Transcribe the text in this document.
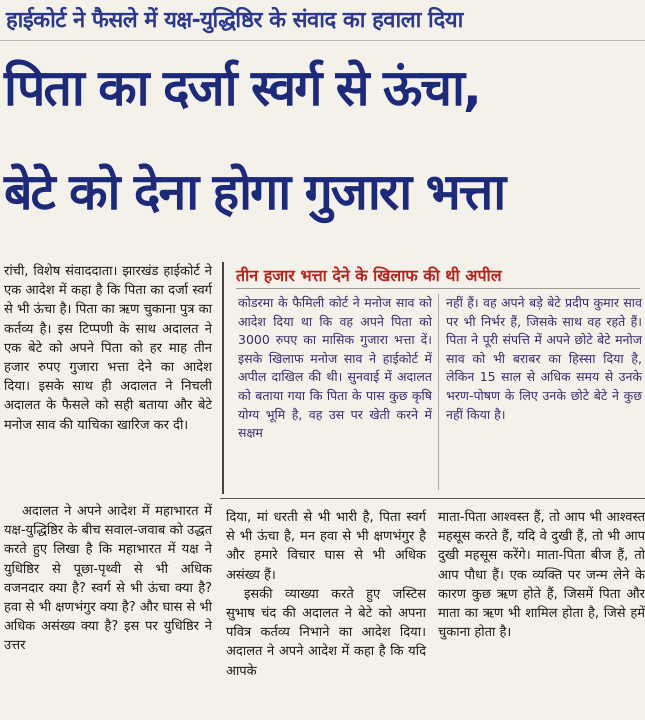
हाईकोर्ट ने फैसले में यक्ष-युद्धिष्ठिर के संवाद का हवाला दिया
पिता का दर्जा स्वर्ग से ऊंचा,
बेटे को देना होगा गुजारा भत्ता

रांची, विशेष संवाददाता। झारखंड हाईकोर्ट ने एक आदेश में कहा है कि पिता का दर्जा स्वर्ग से भी ऊंचा है। पिता का ऋण चुकाना पुत्र का कर्तव्य है। इस टिप्पणी के साथ अदालत ने एक बेटे को अपने पिता को हर माह तीन हजार रुपए गुजारा भत्ता देने का आदेश दिया। इसके साथ ही अदालत ने निचली अदालत के फैसले को सही बताया और बेटे मनोज साव की याचिका खारिज कर दी।

तीन हजार भत्ता देने के खिलाफ की थी अपील
कोडरमा के फैमिली कोर्ट ने मनोज साव को आदेश दिया था कि वह अपने पिता को 3000 रुपए का मासिक गुजारा भत्ता दें। इसके खिलाफ मनोज साव ने हाईकोर्ट में अपील दाखिल की थी। सुनवाई में अदालत को बताया गया कि पिता के पास कुछ कृषि योग्य भूमि है, वह उस पर खेती करने में सक्षम
नहीं हैं। वह अपने बड़े बेटे प्रदीप कुमार साव पर भी निर्भर हैं, जिसके साथ वह रहते हैं। पिता ने पूरी संपत्ति में अपने छोटे बेटे मनोज साव को भी बराबर का हिस्सा दिया है, लेकिन 15 साल से अधिक समय से उनके भरण-पोषण के लिए उनके छोटे बेटे ने कुछ नहीं किया है।

अदालत ने अपने आदेश में महाभारत में यक्ष-युद्धिष्ठिर के बीच सवाल-जवाब को उद्धत करते हुए लिखा है कि महाभारत में यक्ष ने युधिष्ठिर से पूछा-पृथ्वी से भी अधिक वजनदार क्या है? स्वर्ग से भी ऊंचा क्या है? हवा से भी क्षणभंगुर क्या है? और घास से भी अधिक असंख्य क्या है? इस पर युधिष्ठिर ने उत्तर

दिया, मां धरती से भी भारी है, पिता स्वर्ग से भी ऊंचा है, मन हवा से भी क्षणभंगुर है और हमारे विचार घास से भी अधिक असंख्य हैं।

इसकी व्याख्या करते हुए जस्टिस सुभाष चंद की अदालत ने बेटे को अपना पवित्र कर्तव्य निभाने का आदेश दिया। अदालत ने अपने आदेश में कहा है कि यदि आपके

माता-पिता आश्वस्त हैं, तो आप भी आश्वस्त महसूस करते हैं, यदि वे दुखी हैं, तो भी आप दुखी महसूस करेंगे। माता-पिता बीज हैं, तो आप पौधा हैं। एक व्यक्ति पर जन्म लेने के कारण कुछ ऋण होते हैं, जिसमें पिता और माता का ऋण भी शामिल होता है, जिसे हमें चुकाना होता है।
